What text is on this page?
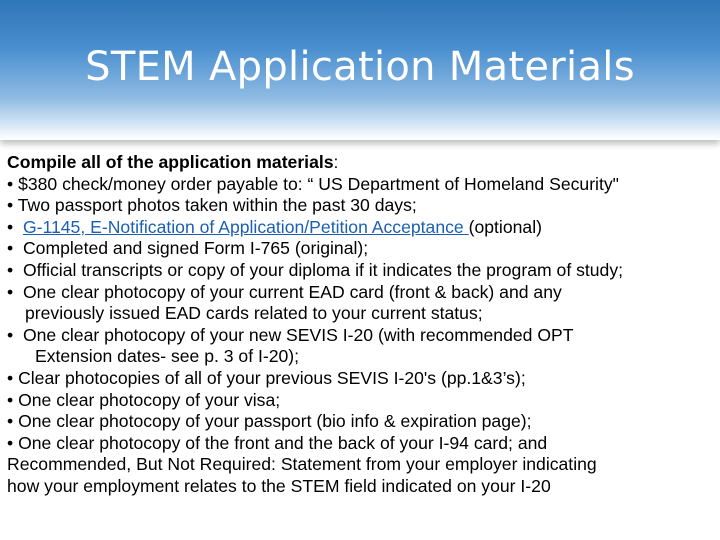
STEM Application Materials
Compile all of the application materials:
• $380 check/money order payable to: “ US Department of Homeland Security"
• Two passport photos taken within the past 30 days;
• G-1145, E-Notification of Application/Petition Acceptance (optional)
• Completed and signed Form I-765 (original);
• Official transcripts or copy of your diploma if it indicates the program of study;
• One clear photocopy of your current EAD card (front & back) and any
previously issued EAD cards related to your current status;
• One clear photocopy of your new SEVIS I-20 (with recommended OPT
Extension dates- see p. 3 of I-20);
• Clear photocopies of all of your previous SEVIS I-20's (pp.1&3’s);
• One clear photocopy of your visa;
• One clear photocopy of your passport (bio info & expiration page);
• One clear photocopy of the front and the back of your I-94 card; and
Recommended, But Not Required: Statement from your employer indicating
how your employment relates to the STEM field indicated on your I-20
